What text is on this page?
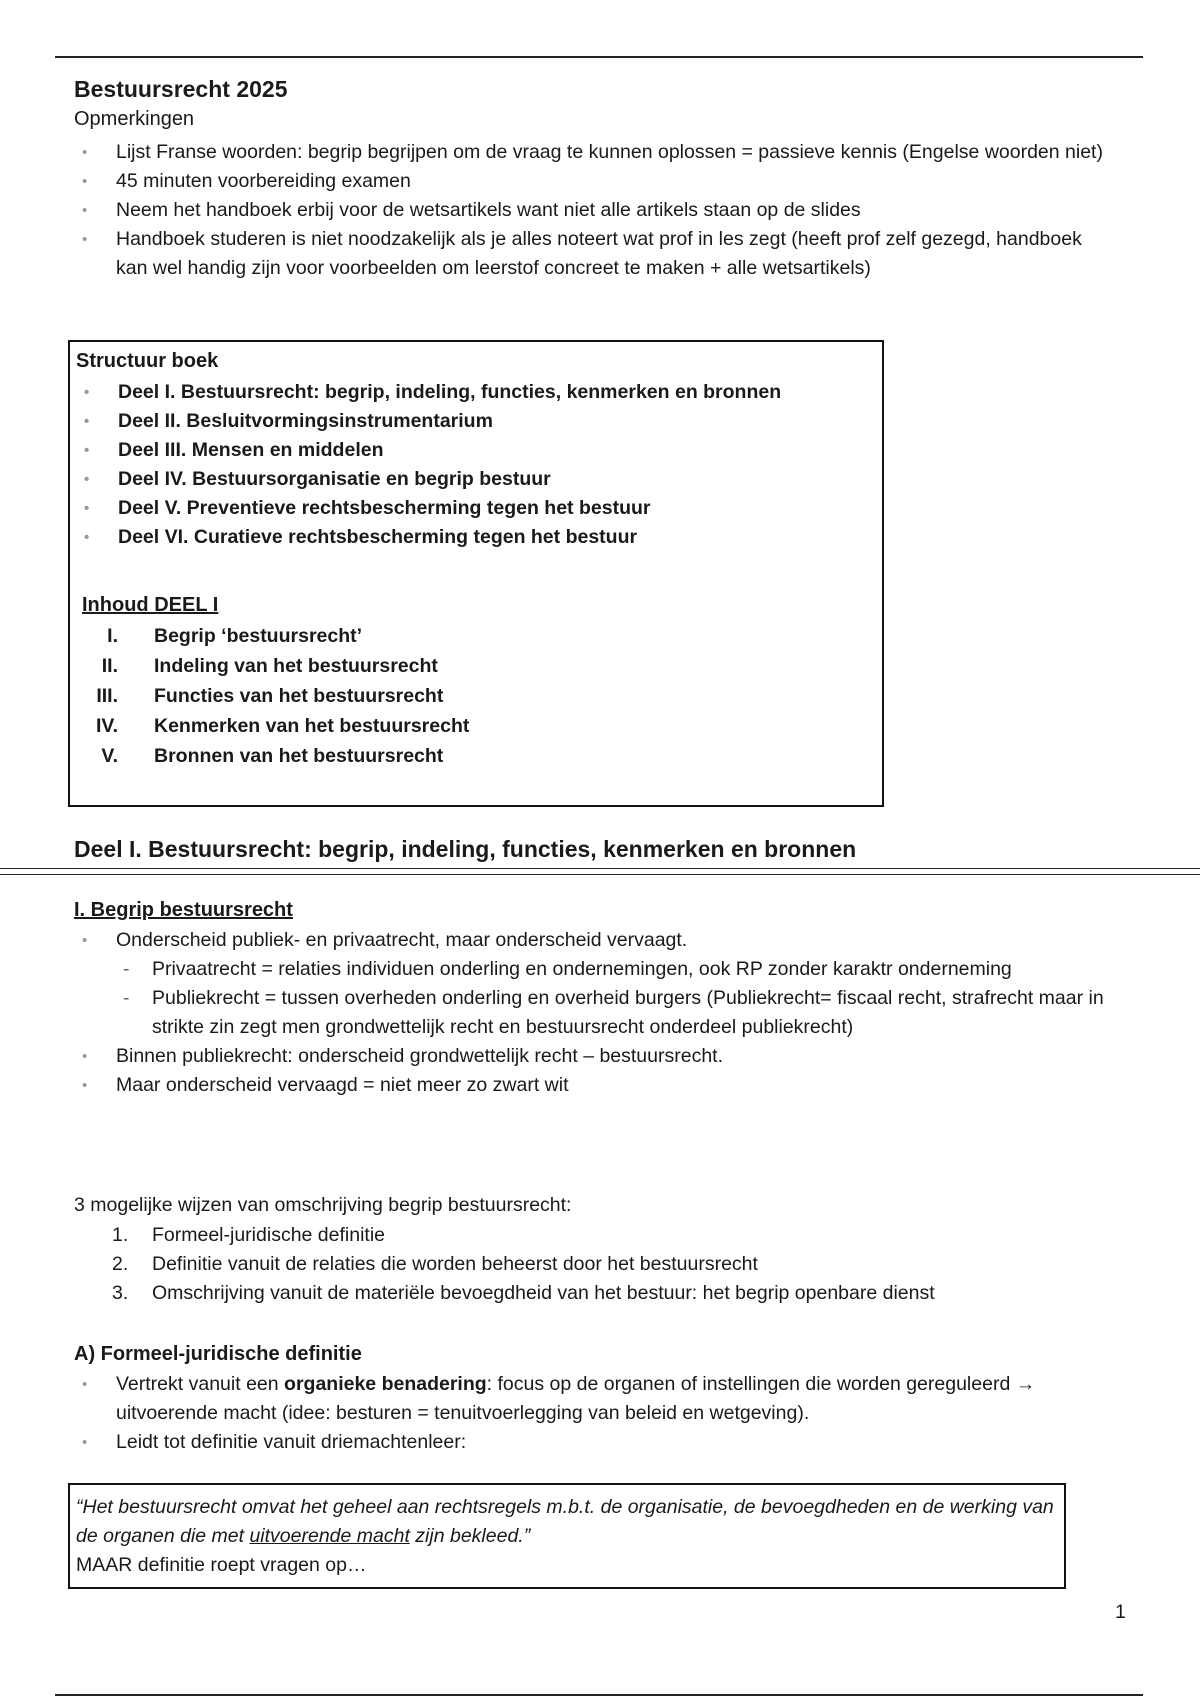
Bestuursrecht 2025
Opmerkingen
• Lijst Franse woorden: begrip begrijpen om de vraag te kunnen oplossen = passieve kennis (Engelse woorden niet)
• 45 minuten voorbereiding examen
• Neem het handboek erbij voor de wetsartikels want niet alle artikels staan op de slides
• Handboek studeren is niet noodzakelijk als je alles noteert wat prof in les zegt (heeft prof zelf gezegd, handboek kan wel handig zijn voor voorbeelden om leerstof concreet te maken + alle wetsartikels)
Structuur boek
• Deel I. Bestuursrecht: begrip, indeling, functies, kenmerken en bronnen
• Deel II. Besluitvormingsinstrumentarium
• Deel III. Mensen en middelen
• Deel IV. Bestuursorganisatie en begrip bestuur
• Deel V. Preventieve rechtsbescherming tegen het bestuur
• Deel VI. Curatieve rechtsbescherming tegen het bestuur
Inhoud DEEL I
I. Begrip ‘bestuursrecht’
II. Indeling van het bestuursrecht
III. Functies van het bestuursrecht
IV. Kenmerken van het bestuursrecht
V. Bronnen van het bestuursrecht
Deel I. Bestuursrecht: begrip, indeling, functies, kenmerken en bronnen
I. Begrip bestuursrecht
• Onderscheid publiek- en privaatrecht, maar onderscheid vervaagt.
- Privaatrecht = relaties individuen onderling en ondernemingen, ook RP zonder karaktr onderneming
- Publiekrecht = tussen overheden onderling en overheid burgers (Publiekrecht= fiscaal recht, strafrecht maar in strikte zin zegt men grondwettelijk recht en bestuursrecht onderdeel publiekrecht)
• Binnen publiekrecht: onderscheid grondwettelijk recht – bestuursrecht.
• Maar onderscheid vervaagd = niet meer zo zwart wit
3 mogelijke wijzen van omschrijving begrip bestuursrecht:
1. Formeel-juridische definitie
2. Definitie vanuit de relaties die worden beheerst door het bestuursrecht
3. Omschrijving vanuit de materiële bevoegdheid van het bestuur: het begrip openbare dienst
A) Formeel-juridische definitie
• Vertrekt vanuit een organieke benadering: focus op de organen of instellingen die worden gereguleerd → uitvoerende macht (idee: besturen = tenuitvoerlegging van beleid en wetgeving).
• Leidt tot definitie vanuit driemachtenleer:
“Het bestuursrecht omvat het geheel aan rechtsregels m.b.t. de organisatie, de bevoegdheden en de werking van de organen die met uitvoerende macht zijn bekleed.”
MAAR definitie roept vragen op…
1
